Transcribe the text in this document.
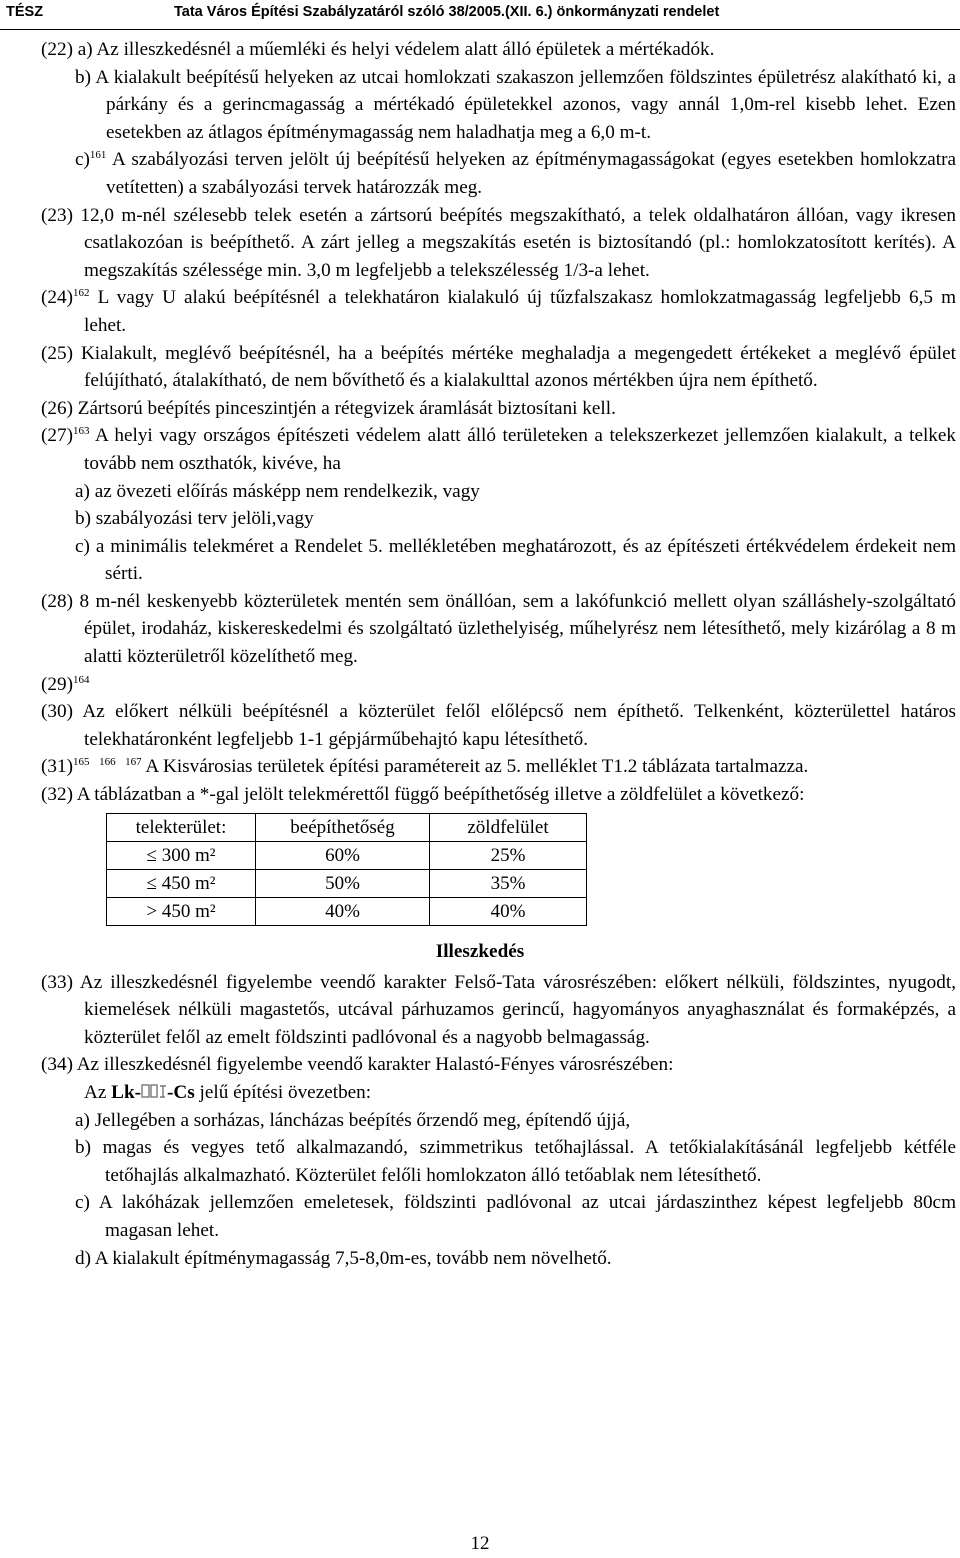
TÉSZ	Tata Város Építési Szabályzatáról szóló 38/2005.(XII. 6.) önkormányzati rendelet

(22) a) Az illeszkedésnél a műemléki és helyi védelem alatt álló épületek a mértékadók.

b) A kialakult beépítésű helyeken az utcai homlokzati szakaszon jellemzően földszintes épületrész alakítható ki, a párkány és a gerincmagasság a mértékadó épületekkel azonos, vagy annál 1,0m-rel kisebb lehet. Ezen esetekben az átlagos építménymagasság nem haladhatja meg a 6,0 m-t.

c)$^{161}$ A szabályozási terven jelölt új beépítésű helyeken az építménymagasságokat (egyes esetekben homlokzatra vetítetten) a szabályozási tervek határozzák meg.

(23) 12,0 m-nél szélesebb telek esetén a zártsorú beépítés megszakítható, a telek oldalhatáron állóan, vagy ikresen csatlakozóan is beépíthető. A zárt jelleg a megszakítás esetén is biztosítandó (pl.: homlokzatosított kerítés). A megszakítás szélessége min. 3,0 m legfeljebb a telekszélesség 1/3-a lehet.

$(24)^{162}$ L vagy U alakú beépítésnél a telekhatáron kialakuló új tűzfalszakasz homlokzatmagasság legfeljebb 6,5 m lehet.

(25) Kialakult, meglévő beépítésnél, ha a beépítés mértéke meghaladja a megengedett értékeket a meglévő épület felújítható, átalakítható, de nem bővíthető és a kialakulttal azonos mértékben újra nem építhető.

(26) Zártsorú beépítés pinceszintjén a rétegvizek áramlását biztosítani kell.

$(27)^{163}$ A helyi vagy országos építészeti védelem alatt álló területeken a telekszerkezet jellemzően kialakult, a telkek tovább nem oszthatók, kivéve, ha

a) az övezeti előírás másképp nem rendelkezik, vagy

b) szabályozási terv jelöli,vagy

c) a minimális telekméret a Rendelet 5. mellékletében meghatározott, és az építészeti értékvédelem érdekeit nem sérti.

(28) 8 m-nél keskenyebb közterületek mentén sem önállóan, sem a lakófunkció mellett olyan szálláshely-szolgáltató épület, irodaház, kiskereskedelmi és szolgáltató üzlethelyiség, műhelyrész nem létesíthető, mely kizárólag a 8 m alatti közterületről közelíthető meg.

$(29)^{164}$

(30) Az előkert nélküli beépítésnél a közterület felől előlépcső nem építhető. Telkenként, közterülettel határos telekhatáronként legfeljebb 1-1 gépjárműbehajtó kapu létesíthető.

$(31)^{165}$ $^{166}$ $^{167}$ A Kisvárosias területek építési paramétereit az 5. melléklet T1.2 táblázata tartalmazza.

(32) A táblázatban a *-gal jelölt telekmérettől függő beépíthetőség illetve a zöldfelület a következő:

telekterület:	beépíthetőség	zöldfelület
≤ 300 m²	60%	25%
≤ 450 m²	50%	35%
> 450 m²	40%	40%
Illeszkedés

(33) Az illeszkedésnél figyelembe veendő karakter Felső-Tata városrészében: előkert nélküli, földszintes, nyugodt, kiemelések nélküli magastetős, utcával párhuzamos gerincű, hagyományos anyaghasználat és formaképzés, a közterület felől az emelt földszinti padlóvonal és a nagyobb belmagasság.

(34) Az illeszkedésnél figyelembe veendő karakter Halastó-Fényes városrészében:

Az Lk- -Cs jelű építési övezetben:

a) Jellegében a sorházas, láncházas beépítés őrzendő meg, építendő újjá,

b) magas és vegyes tető alkalmazandó, szimmetrikus tetőhajlással. A tetőkialakításánál legfeljebb kétféle tetőhajlás alkalmazható. Közterület felőli homlokzaton álló tetőablak nem létesíthető.

c) A lakóházak jellemzően emeletesek, földszinti padlóvonal az utcai járdaszinthez képest legfeljebb 80cm magasan lehet.

d) A kialakult építménymagasság 7,5-8,0m-es, tovább nem növelhető.

12
